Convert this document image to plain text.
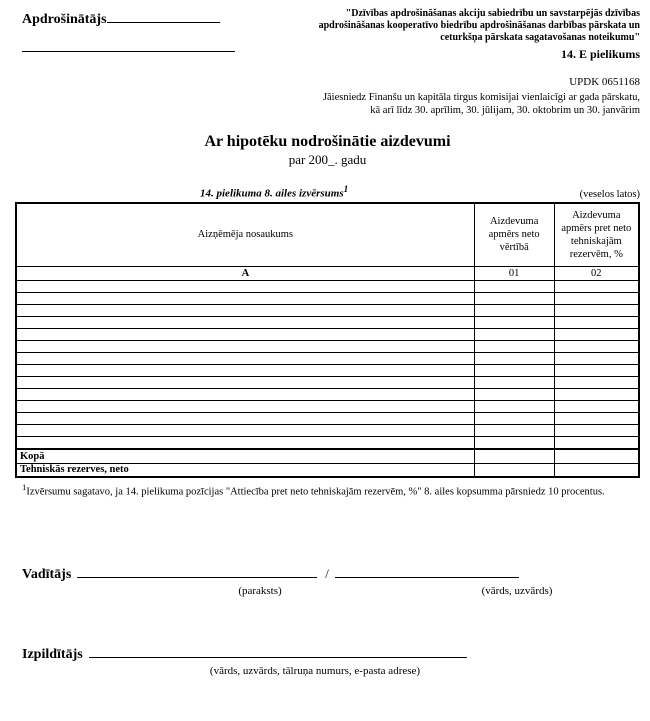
Apdrošinātājs	"Dzīvības apdrošināšanas akciju sabiedrību un savstarpējās dzīvības apdrošināšanas kooperatīvo biedrību apdrošināšanas darbības pārskata un ceturkšņa pārskata sagatavošanas noteikumu"
14. E pielikums
UPDK 0651168
Jāiesniedz Finanšu un kapitāla tirgus komisijai vienlaicīgi ar gada pārskatu,
kā arī līdz 30. aprīlim, 30. jūlijam, 30. oktobrim un 30. janvārim
Ar hipotēku nodrošinātie aizdevumi
par 200_. gadu
14. pielikuma 8. ailes izvērsums$^1$	(veselos latos)
Aizņēmēja nosaukums	Aizdevuma apmērs neto vērtībā	Aizdevuma apmērs pret neto tehniskajām rezervēm, %
A	01	02

Kopā		
Tehniskās rezerves, neto		
$^1$Izvērsumu sagatavo, ja 14. pielikuma pozīcijas "Attiecība pret neto tehniskajām rezervēm, %" 8. ailes kopsumma pārsniedz 10 procentus.
Vadītājs	/
(paraksts)	(vārds, uzvārds)
Izpildītājs
(vārds, uzvārds, tālruņa numurs, e-pasta adrese)
